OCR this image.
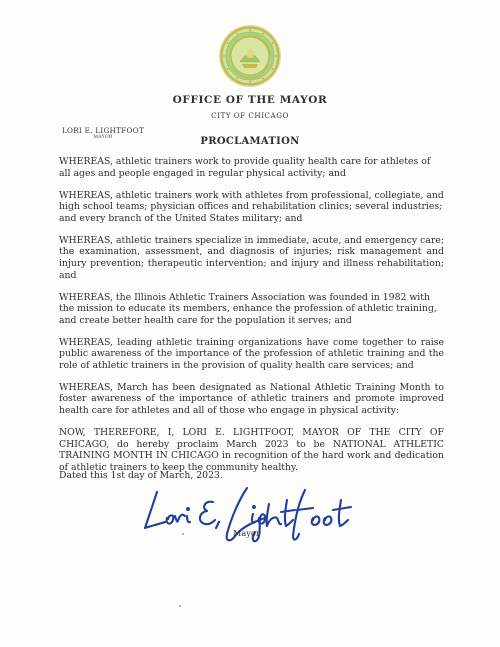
OFFICE OF THE MAYOR
CITY OF CHICAGO
LORI E. LIGHTFOOT
MAYOR	PROCLAMATION

WHEREAS, athletic trainers work to provide quality health care for athletes of all ages and people engaged in regular physical activity; and

WHEREAS, athletic trainers work with athletes from professional, collegiate, and high school teams; physician offices and rehabilitation clinics; several industries; and every branch of the United States military; and

WHEREAS, athletic trainers specialize in immediate, acute, and emergency care; the examination, assessment, and diagnosis of injuries; risk management and injury prevention; therapeutic intervention; and injury and illness rehabilitation; and

WHEREAS, the Illinois Athletic Trainers Association was founded in 1982 with the mission to educate its members, enhance the profession of athletic training, and create better health care for the population it serves; and

WHEREAS, leading athletic training organizations have come together to raise public awareness of the importance of the profession of athletic training and the role of athletic trainers in the provision of quality health care services; and

WHEREAS, March has been designated as National Athletic Training Month to foster awareness of the importance of athletic trainers and promote improved health care for athletes and all of those who engage in physical activity:

NOW, THEREFORE, I, LORI E. LIGHTFOOT, MAYOR OF THE CITY OF CHICAGO, do hereby proclaim March 2023 to be NATIONAL ATHLETIC TRAINING MONTH IN CHICAGO in recognition of the hard work and dedication of athletic trainers to keep the community healthy.

Dated this 1st day of March, 2023.
Mayor
